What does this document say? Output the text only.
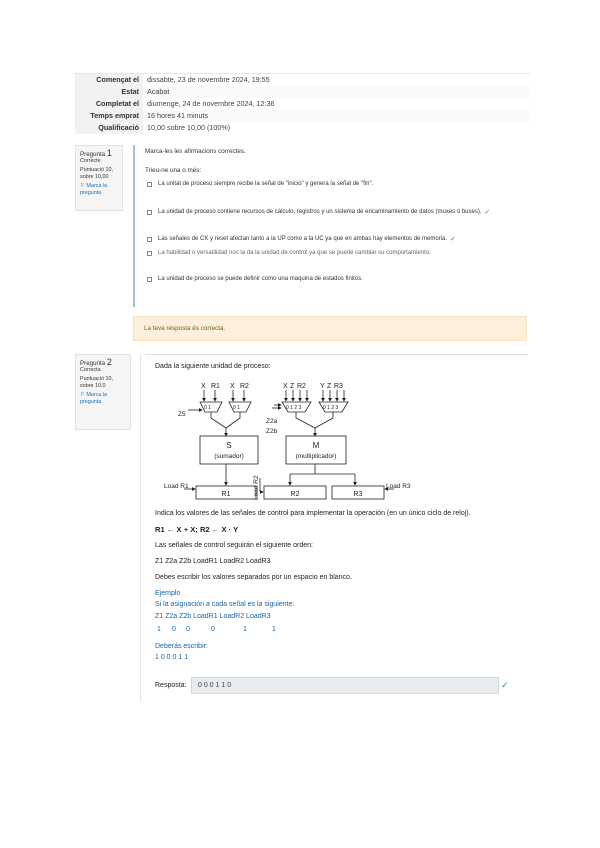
Començat el	dissabte, 23 de novembre 2024, 19:55
Estat	Acabat
Completat el	diumenge, 24 de novembre 2024, 12:36
Temps emprat	16 hores 41 minuts
Qualificació	10,00 sobre 10,00 (100%)
Pregunta 1
Correcte
Puntuació 10,
sobre 10,00
⚐ Marca la
pregunta
Marca-les les afirmacions correctes.
Trieu-ne una o més:
La unitat de proceso siempre recibe la señal de "inicio" y genera la señal de "fin".
La unidad de proceso contiene recursos de cálculo, registros y un sistema de encaminamiento de datos (muxes o buses). ✓
Las señales de CK y reset afectan tanto a la UP como a la UC ya que en ambas hay elementos de memoria. ✓
La habilidad o versatilidad nos la da la unidad de control ya que se puede cambiar su comportamiento.
La unidad de proceso se puede definir como una maquina de estados finitos.
La teva resposta és correcta.
Pregunta 2
Correcta
Puntuació 10,
sobre 10,0
⚐ Marca la
pregunta
Dada la siguiente unidad de proceso:
X R1 X R2	X Z R2 Y Z R3
Z5
Z2a
Z2b
0 1	0 1	0 1 2 3	0 1 2 3
S
(sumador)
M
(multiplicador)
R1	R2	R3
Load R1	Load R3
Load R2
Indica los valores de las señales de control para implementar la operación (en un único ciclo de reloj).
R1 ← X + X; R2 ← X · Y
Las señales de control seguirán el siguiente orden:
Z1 Z2a Z2b LoadR1 LoadR2 LoadR3
Debes escribir los valores separados por un espacio en blanco.
Ejemplo
Si la asignación a cada señal es la siguiente:
Z1 Z2a Z2b LoadR1 LoadR2 LoadR3
1 0 0	0	1	1
Deberás escribir:
1 0 0 0 1 1
Resposta:	0 0 0 1 1 0	✓
